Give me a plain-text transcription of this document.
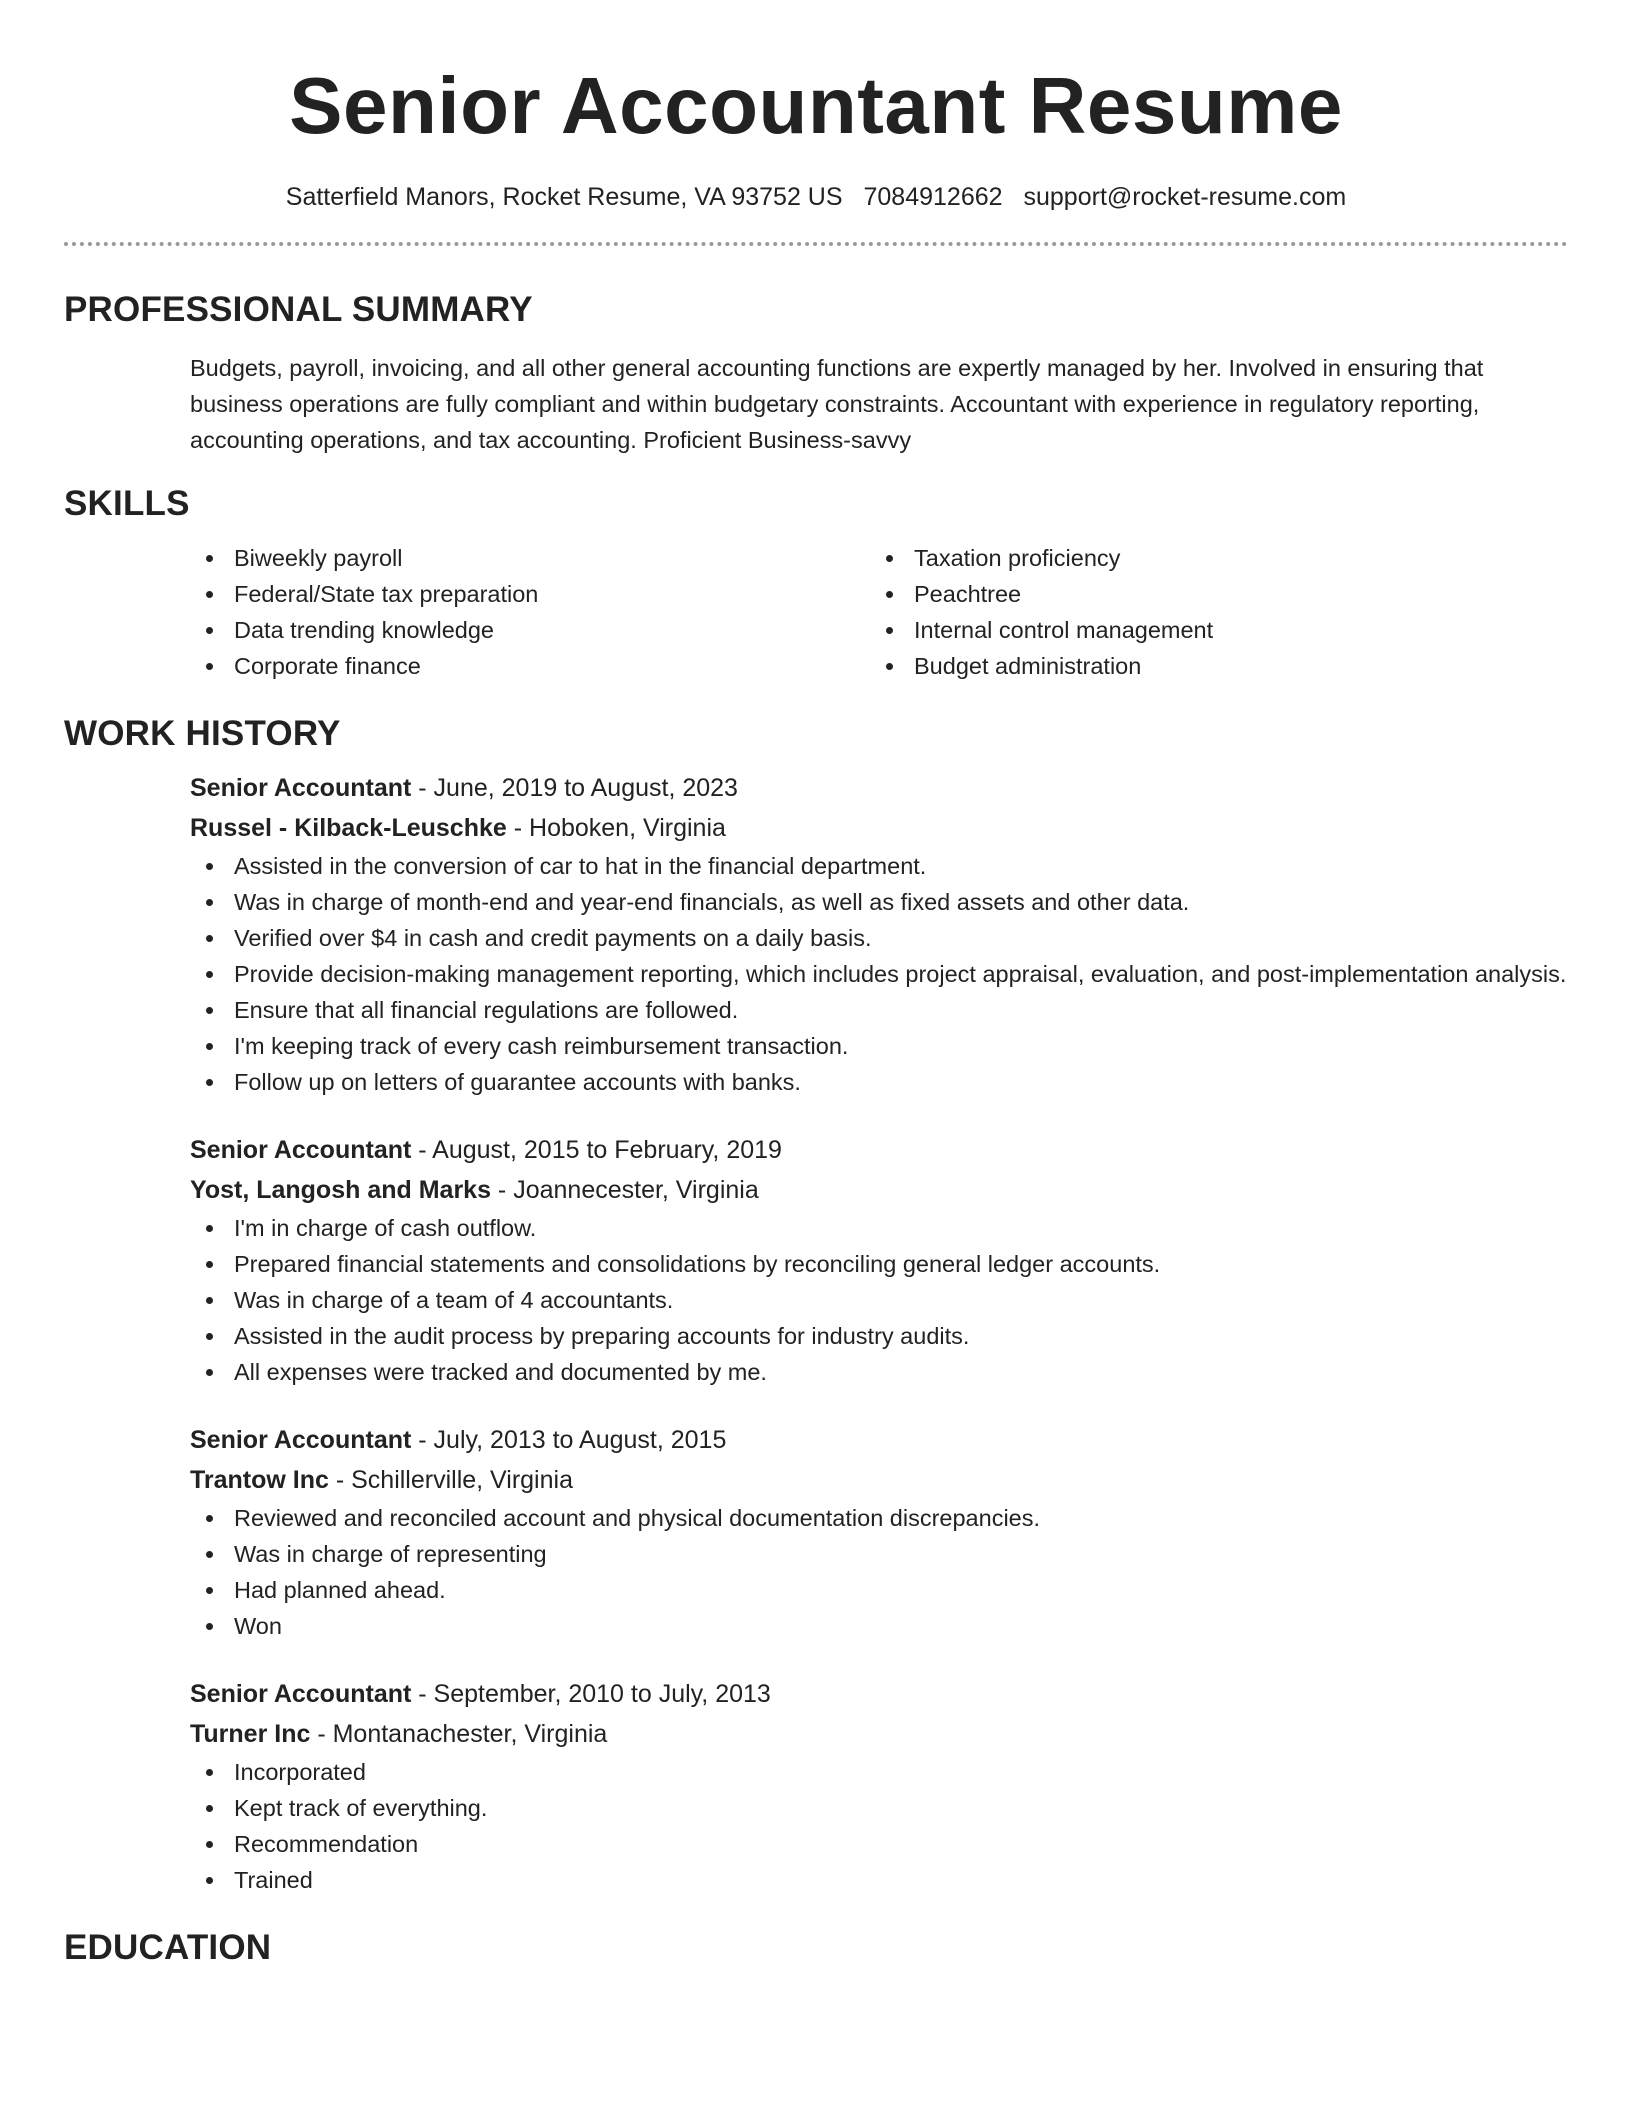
Senior Accountant Resume
Satterfield Manors, Rocket Resume, VA 93752 US 7084912662 support@rocket-resume.com
PROFESSIONAL SUMMARY

Budgets, payroll, invoicing, and all other general accounting functions are expertly managed by her. Involved in ensuring that business operations are fully compliant and within budgetary constraints. Accountant with experience in regulatory reporting, accounting operations, and tax accounting. Proficient Business-savvy

SKILLS
Biweekly payroll
Federal/State tax preparation
Data trending knowledge
Corporate finance
Taxation proficiency
Peachtree
Internal control management
Budget administration
WORK HISTORY
Senior Accountant - June, 2019 to August, 2023
Russel - Kilback-Leuschke - Hoboken, Virginia
Assisted in the conversion of car to hat in the financial department.
Was in charge of month-end and year-end financials, as well as fixed assets and other data.
Verified over $4 in cash and credit payments on a daily basis.
Provide decision-making management reporting, which includes project appraisal, evaluation, and post-implementation analysis.
Ensure that all financial regulations are followed.
I'm keeping track of every cash reimbursement transaction.
Follow up on letters of guarantee accounts with banks.
Senior Accountant - August, 2015 to February, 2019
Yost, Langosh and Marks - Joannecester, Virginia
I'm in charge of cash outflow.
Prepared financial statements and consolidations by reconciling general ledger accounts.
Was in charge of a team of 4 accountants.
Assisted in the audit process by preparing accounts for industry audits.
All expenses were tracked and documented by me.
Senior Accountant - July, 2013 to August, 2015
Trantow Inc - Schillerville, Virginia
Reviewed and reconciled account and physical documentation discrepancies.
Was in charge of representing
Had planned ahead.
Won
Senior Accountant - September, 2010 to July, 2013
Turner Inc - Montanachester, Virginia
Incorporated
Kept track of everything.
Recommendation
Trained
EDUCATION
